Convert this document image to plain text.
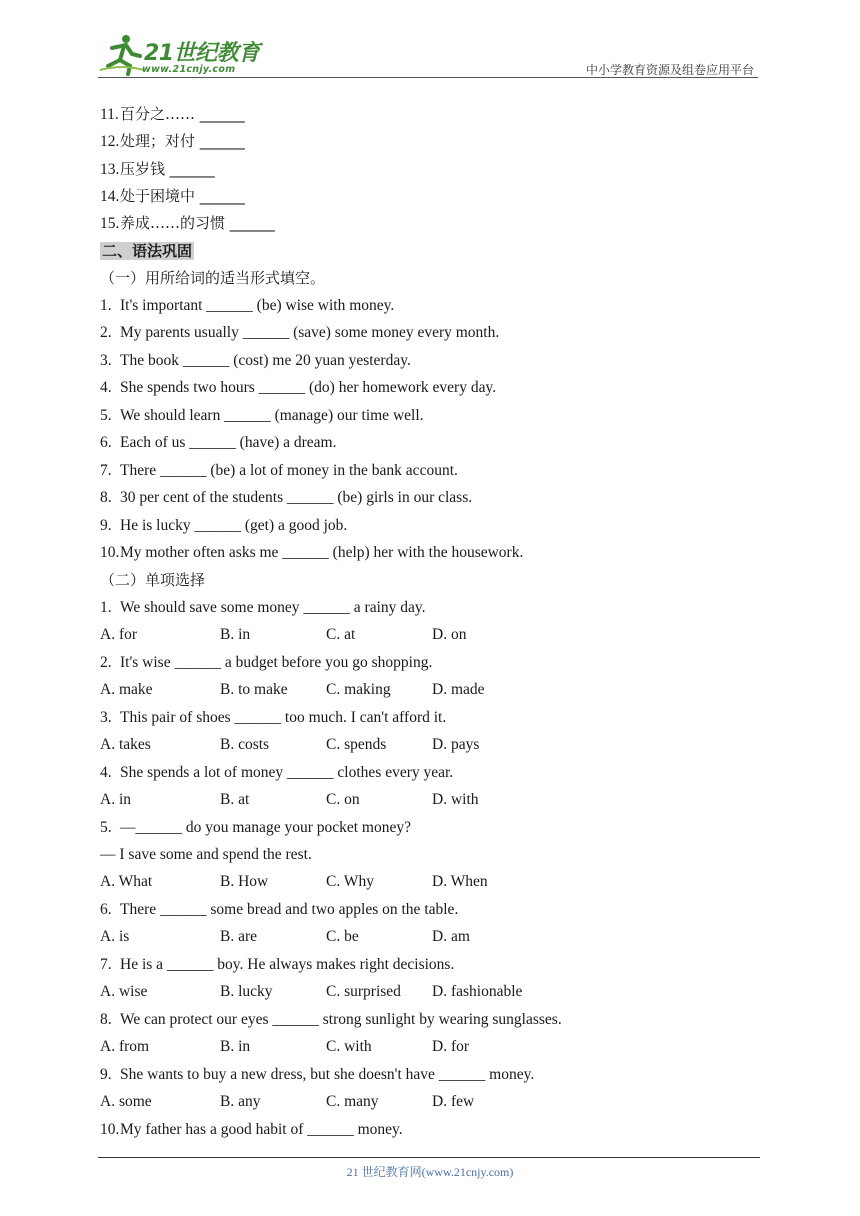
21世纪教育
www.21cnjy.com	中小学教育资源及组卷应用平台
11.百分之…… ______
12.处理；对付 ______
13.压岁钱 ______
14.处于困境中 ______
15.养成……的习惯 ______
二、语法巩固
（一）用所给词的适当形式填空。
1. It's important ______ (be) wise with money.
2. My parents usually ______ (save) some money every month.
3. The book ______ (cost) me 20 yuan yesterday.
4. She spends two hours ______ (do) her homework every day.
5. We should learn ______ (manage) our time well.
6. Each of us ______ (have) a dream.
7. There ______ (be) a lot of money in the bank account.
8. 30 per cent of the students ______ (be) girls in our class.
9. He is lucky ______ (get) a good job.
10.My mother often asks me ______ (help) her with the housework.
（二）单项选择
1. We should save some money ______ a rainy day.
A. for	B. in	C. at	D. on
2. It's wise ______ a budget before you go shopping.
A. make	B. to make C. making	D. made
3. This pair of shoes ______ too much. I can't afford it.
A. takes	B. costs	C. spends	D. pays
4. She spends a lot of money ______ clothes every year.
A. in	B. at	C. on	D. with
5. —______ do you manage your pocket money?
— I save some and spend the rest.
A. What	B. How	C. Why	D. When
6. There ______ some bread and two apples on the table.
A. is	B. are	C. be	D. am
7. He is a ______ boy. He always makes right decisions.
A. wise	B. lucky	C. surprised D. fashionable
8. We can protect our eyes ______ strong sunlight by wearing sunglasses.
A. from	B. in	C. with	D. for
9. She wants to buy a new dress, but she doesn't have ______ money.
A. some	B. any	C. many	D. few
10.My father has a good habit of ______ money.
21 世纪教育网(www.21cnjy.com)
